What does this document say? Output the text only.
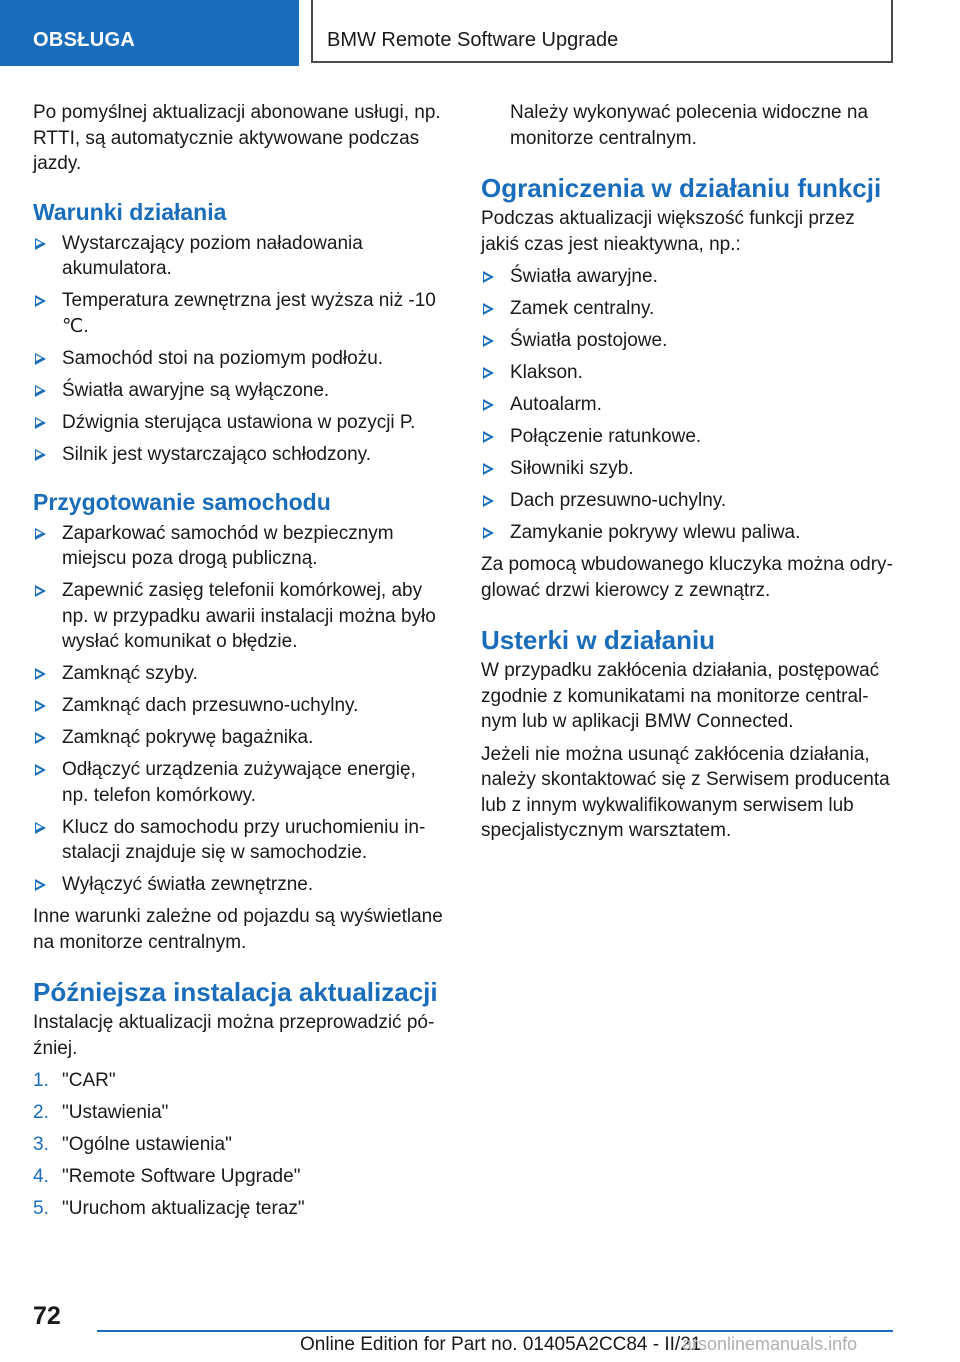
OBSŁUGA	BMW Remote Software Upgrade

Po pomyślnej aktualizacji abonowane usługi, np. RTTI, są automatycznie aktywowane podczas jazdy.

Warunki działania
Wystarczający poziom naładowania akumulatora.
Temperatura zewnętrzna jest wyższa niż -10 ℃.
Samochód stoi na poziomym podłożu.
Światła awaryjne są wyłączone.
Dźwignia sterująca ustawiona w pozycji P.
Silnik jest wystarczająco schłodzony.
Przygotowanie samochodu
Zaparkować samochód w bezpiecznym miejscu poza drogą publiczną.
Zapewnić zasięg telefonii komórkowej, aby np. w przypadku awarii instalacji można było wysłać komunikat o błędzie.
Zamknąć szyby.
Zamknąć dach przesuwno-uchylny.
Zamknąć pokrywę bagażnika.
Odłączyć urządzenia zużywające energię, np. telefon komórkowy.
Klucz do samochodu przy uruchomieniu instalacji znajduje się w samochodzie.
Wyłączyć światła zewnętrzne.

Inne warunki zależne od pojazdu są wyświetlane na monitorze centralnym.

Późniejsza instalacja aktualizacji

Instalację aktualizacji można przeprowadzić później.

1. "CAR"
2. "Ustawienia"
3. "Ogólne ustawienia"
4. "Remote Software Upgrade"
5. "Uruchom aktualizację teraz"

Należy wykonywać polecenia widoczne na monitorze centralnym.

Ograniczenia w działaniu funkcji

Podczas aktualizacji większość funkcji przez jakiś czas jest nieaktywna, np.:

Światła awaryjne.
Zamek centralny.
Światła postojowe.
Klakson.
Autoalarm.
Połączenie ratunkowe.
Siłowniki szyb.
Dach przesuwno-uchylny.
Zamykanie pokrywy wlewu paliwa.

Za pomocą wbudowanego kluczyka można odryglować drzwi kierowcy z zewnątrz.

Usterki w działaniu

W przypadku zakłócenia działania, postępować zgodnie z komunikatami na monitorze centralnym lub w aplikacji BMW Connected.

Jeżeli nie można usunąć zakłócenia działania, należy skontaktować się z Serwisem producenta lub z innym wykwalifikowanym serwisem lub specjalistycznym warsztatem.

72
Online Edition for Part no. 01405A2CC84 - II/21
arsonlinemanuals.info
